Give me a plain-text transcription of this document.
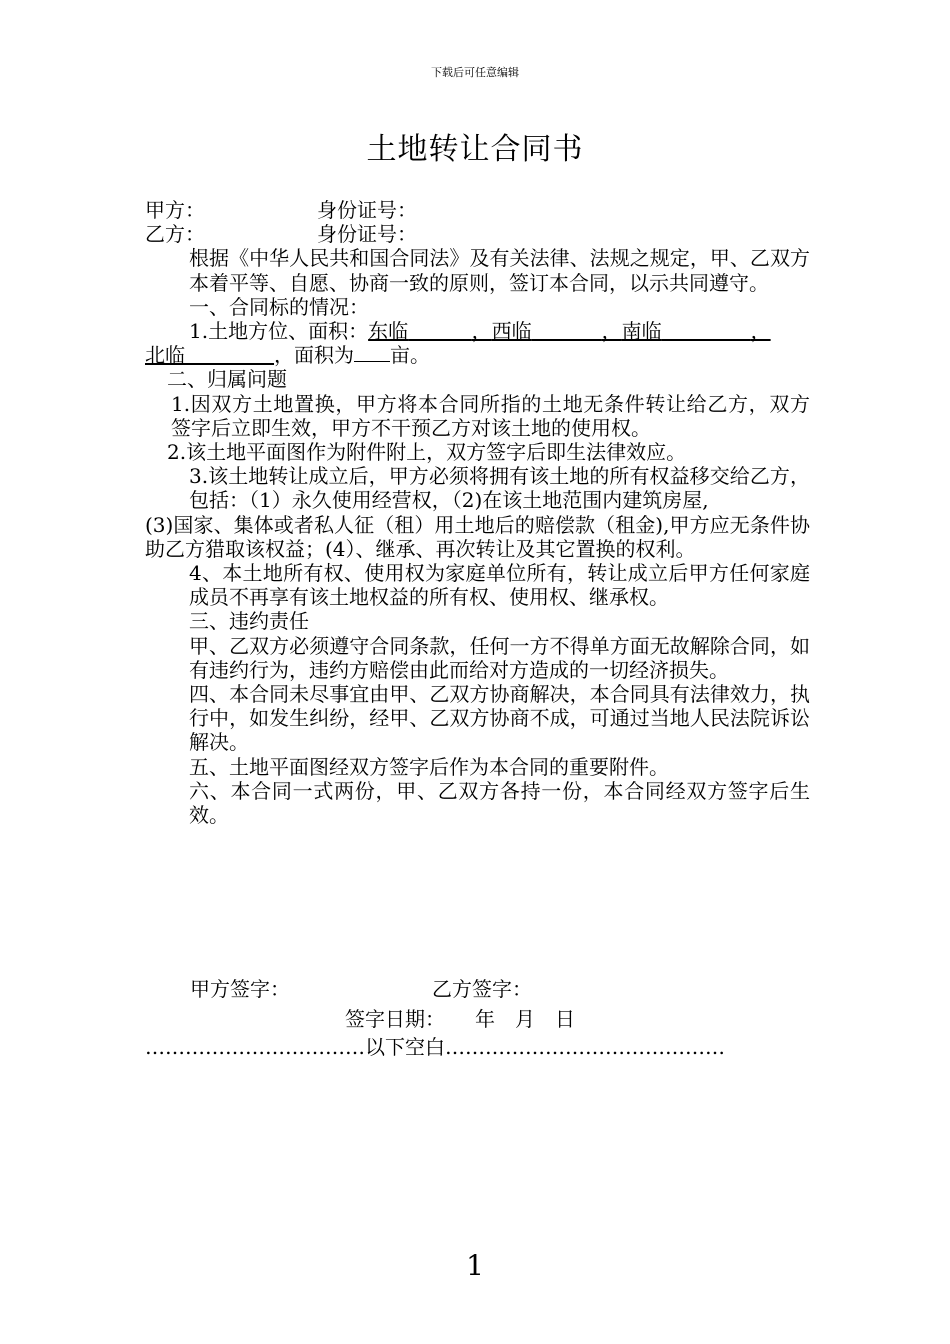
下载后可任意编辑
土地转让合同书
甲方：	身份证号：
乙方：	身份证号：
根据《中华人民共和国合同法》及有关法律、法规之规定，甲、乙双方本着平等、自愿、协商一致的原则，签订本合同，以示共同遵守。
一、合同标的情况：
1.土地方位、面积：东临	，西临	，南临	，
北临	，面积为 亩。
二、归属问题
1.因双方土地置换，甲方将本合同所指的土地无条件转让给乙方，双方签字后立即生效，甲方不干预乙方对该土地的使用权。
2.该土地平面图作为附件附上，双方签字后即生法律效应。
3.该土地转让成立后，甲方必须将拥有该土地的所有权益移交给乙方，包括：（1）永久使用经营权，（2)在该土地范围内建筑房屋,
(3)国家、集体或者私人征（租）用土地后的赔偿款（租金),甲方应无条件协助乙方猎取该权益；(4）、继承、再次转让及其它置换的权利。
4、本土地所有权、使用权为家庭单位所有，转让成立后甲方任何家庭成员不再享有该土地权益的所有权、使用权、继承权。
三、违约责任
甲、乙双方必须遵守合同条款，任何一方不得单方面无故解除合同，如有违约行为，违约方赔偿由此而给对方造成的一切经济损失。
四、本合同未尽事宜由甲、乙双方协商解决，本合同具有法律效力，执行中，如发生纠纷，经甲、乙双方协商不成，可通过当地人民法院诉讼解决。
五、土地平面图经双方签字后作为本合同的重要附件。
六、本合同一式两份，甲、乙双方各持一份，本合同经双方签字后生效。
甲方签字：	乙方签字：
签字日期： 年 月 日
……………………………以下空白……………………………………
1
